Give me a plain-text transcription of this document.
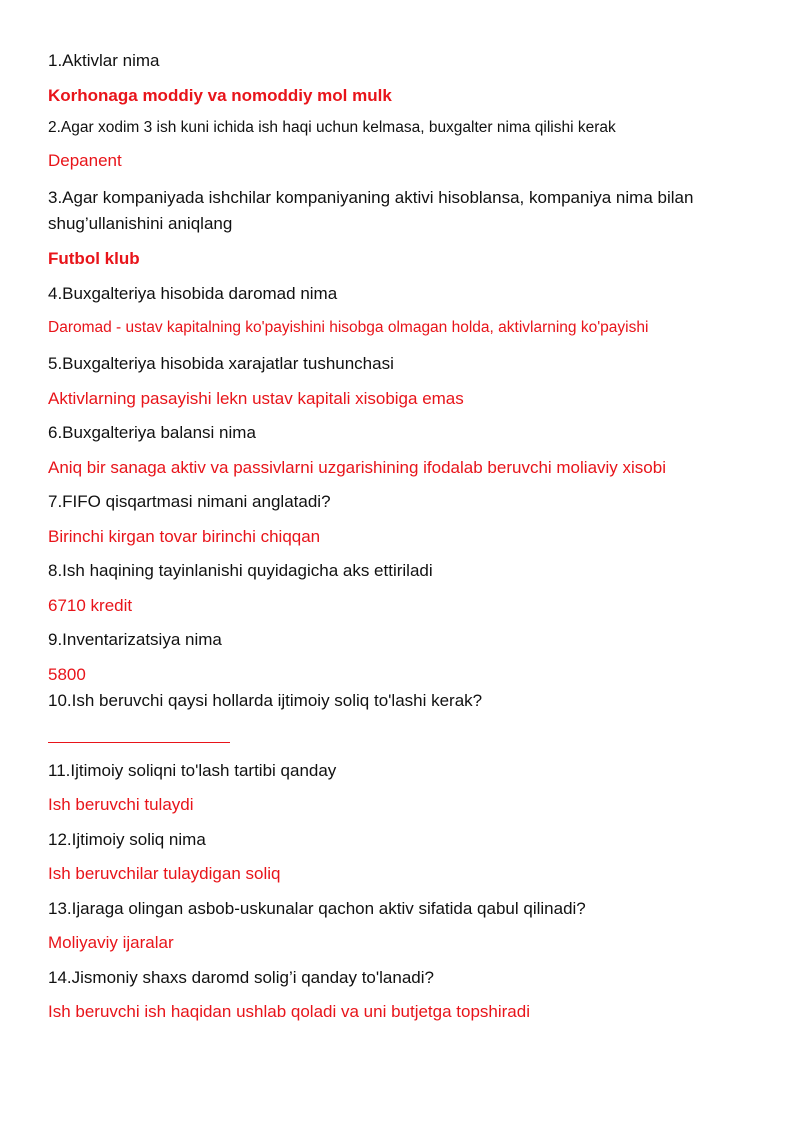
1.Aktivlar nima
Korhonaga moddiy va nomoddiy mol mulk
2.Agar xodim 3 ish kuni ichida ish haqi uchun kelmasa, buxgalter nima qilishi kerak
Depanent
3.Agar kompaniyada ishchilar kompaniyaning aktivi hisoblansa, kompaniya nima bilan
shug’ullanishini aniqlang
Futbol klub
4.Buxgalteriya hisobida daromad nima
Daromad - ustav kapitalning ko'payishini hisobga olmagan holda, aktivlarning ko'payishi
5.Buxgalteriya hisobida xarajatlar tushunchasi
Aktivlarning pasayishi lekn ustav kapitali xisobiga emas
6.Buxgalteriya balansi nima
Aniq bir sanaga aktiv va passivlarni uzgarishining ifodalab beruvchi moliaviy xisobi
7.FIFO qisqartmasi nimani anglatadi?
Birinchi kirgan tovar birinchi chiqqan
8.Ish haqining tayinlanishi quyidagicha aks ettiriladi
6710 kredit
9.Inventarizatsiya nima
5800
10.Ish beruvchi qaysi hollarda ijtimoiy soliq to'lashi kerak?
11.Ijtimoiy soliqni to'lash tartibi qanday
Ish beruvchi tulaydi
12.Ijtimoiy soliq nima
Ish beruvchilar tulaydigan soliq
13.Ijaraga olingan asbob-uskunalar qachon aktiv sifatida qabul qilinadi?
Moliyaviy ijaralar
14.Jismoniy shaxs daromd solig’i qanday to'lanadi?
Ish beruvchi ish haqidan ushlab qoladi va uni butjetga topshiradi
